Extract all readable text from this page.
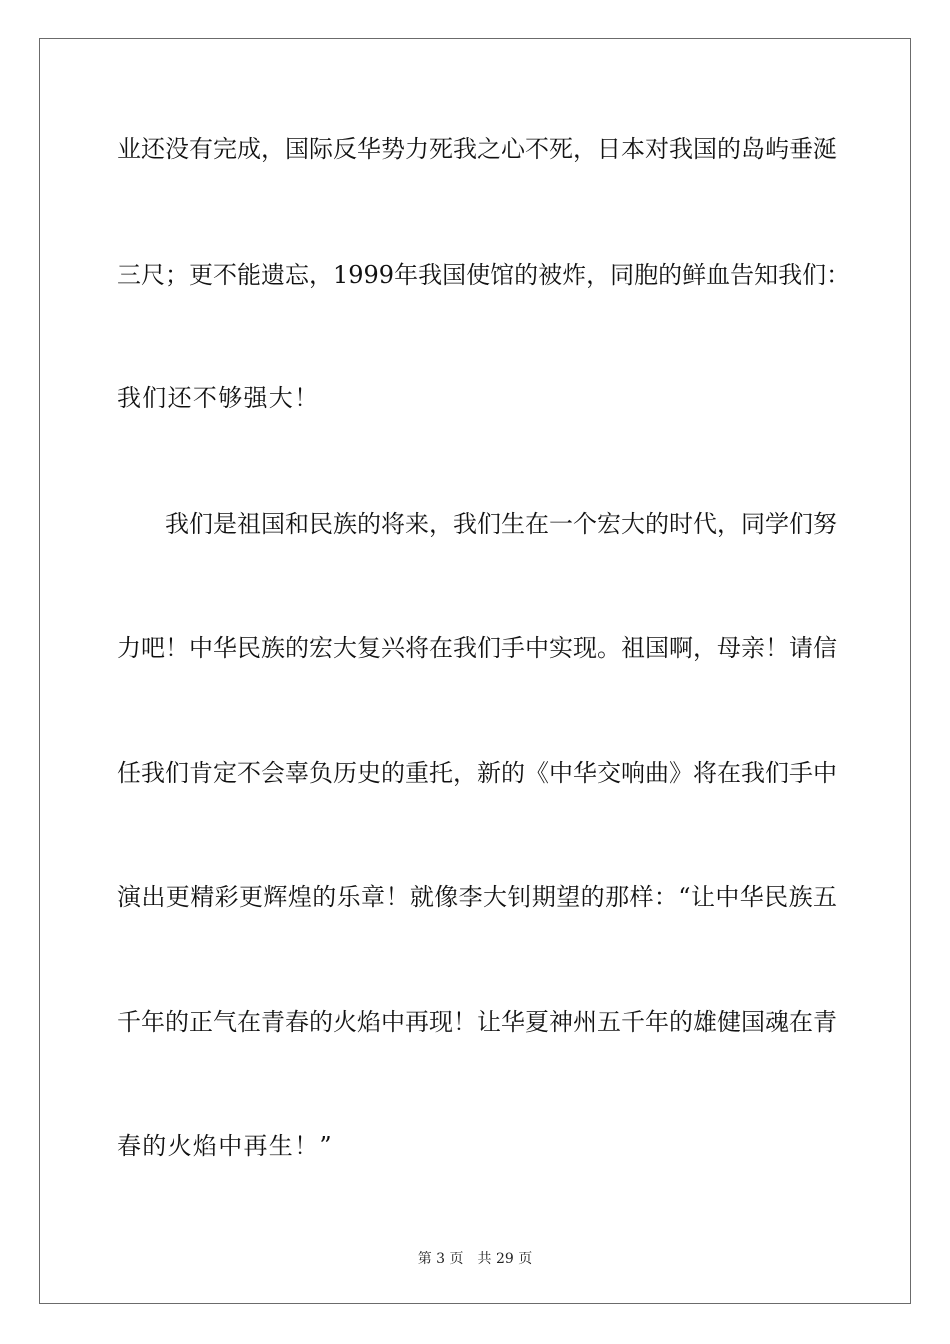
业还没有完成，国际反华势力死我之心不死，日本对我国的岛屿垂涎
三尺；更不能遗忘，1999年我国使馆的被炸，同胞的鲜血告知我们：
我们还不够强大！
我们是祖国和民族的将来，我们生在一个宏大的时代，同学们努
力吧！中华民族的宏大复兴将在我们手中实现。祖国啊，母亲！请信
任我们肯定不会辜负历史的重托，新的《中华交响曲》将在我们手中
演出更精彩更辉煌的乐章！就像李大钊期望的那样：“让中华民族五
千年的正气在青春的火焰中再现！让华夏神州五千年的雄健国魂在青
春的火焰中再生！”
第 3 页 共 29 页
